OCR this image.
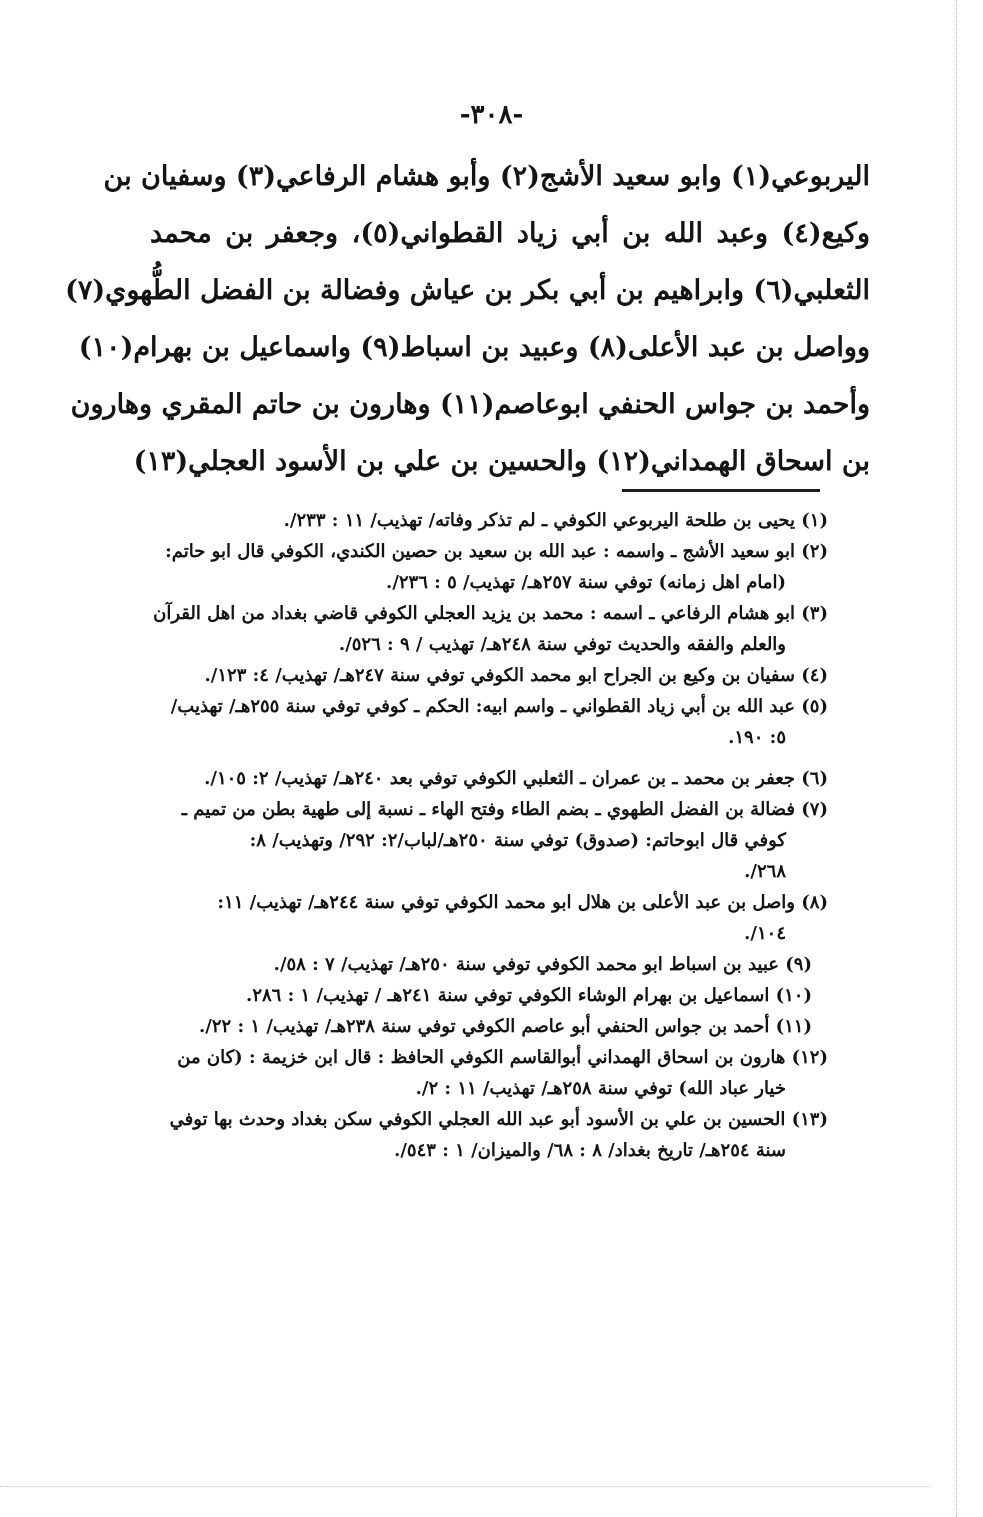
-٣٠٨-
اليربوعي(١) وابو سعيد الأشج(٢) وأبو هشام الرفاعي(٣) وسفيان بن
وكيع(٤) وعبد الله بن أبي زياد القطواني(٥)، وجعفر بن محمد
الثعلبي(٦) وابراهيم بن أبي بكر بن عياش وفضالة بن الفضل الطُّهوي(٧)
وواصل بن عبد الأعلى(٨) وعبيد بن اسباط(٩) واسماعيل بن بهرام(١٠)
وأحمد بن جواس الحنفي ابوعاصم(١١) وهارون بن حاتم المقري وهارون
بن اسحاق الهمداني(١٢) والحسين بن علي بن الأسود العجلي(١٣)
(١) يحيى بن طلحة اليربوعي الكوفي ـ لم تذكر وفاته/ تهذيب/ ١١ : ٢٣٣/.
(٢) ابو سعيد الأشج ـ واسمه : عبد الله بن سعيد بن حصين الكندي، الكوفي قال ابو حاتم:
(امام اهل زمانه) توفي سنة ٢٥٧هـ/ تهذيب/ ٥ : ٢٣٦/.
(٣) ابو هشام الرفاعي ـ اسمه : محمد بن يزيد العجلي الكوفي قاضي بغداد من اهل القرآن
والعلم والفقه والحديث توفي سنة ٢٤٨هـ/ تهذيب / ٩ : ٥٢٦/.
(٤) سفيان بن وكيع بن الجراح ابو محمد الكوفي توفي سنة ٢٤٧هـ/ تهذيب/ ٤: ١٢٣/.
(٥) عبد الله بن أبي زياد القطواني ـ واسم ابيه: الحكم ـ كوفي توفي سنة ٢٥٥هـ/ تهذيب/
٥: ١٩٠.
(٦) جعفر بن محمد ـ بن عمران ـ الثعلبي الكوفي توفي بعد ٢٤٠هـ/ تهذيب/ ٢: ١٠٥/.
(٧) فضالة بن الفضل الطهوي ـ بضم الطاء وفتح الهاء ـ نسبة إلى طهية بطن من تميم ـ
كوفي قال ابوحاتم: (صدوق) توفي سنة ٢٥٠هـ/لباب/٢: ٢٩٢/ وتهذيب/ ٨:
٢٦٨/.
(٨) واصل بن عبد الأعلى بن هلال ابو محمد الكوفي توفي سنة ٢٤٤هـ/ تهذيب/ ١١:
١٠٤/.
(٩) عبيد بن اسباط ابو محمد الكوفي توفي سنة ٢٥٠هـ/ تهذيب/ ٧ : ٥٨/.
(١٠) اسماعيل بن بهرام الوشاء الكوفي توفي سنة ٢٤١هـ / تهذيب/ ١ : ٢٨٦.
(١١) أحمد بن جواس الحنفي أبو عاصم الكوفي توفي سنة ٢٣٨هـ/ تهذيب/ ١ : ٢٢/.
(١٢) هارون بن اسحاق الهمداني أبوالقاسم الكوفي الحافظ : قال ابن خزيمة : (كان من
خيار عباد الله) توفي سنة ٢٥٨هـ/ تهذيب/ ١١ : ٢/.
(١٣) الحسين بن علي بن الأسود أبو عبد الله العجلي الكوفي سكن بغداد وحدث بها توفي
سنة ٢٥٤هـ/ تاريخ بغداد/ ٨ : ٦٨/ والميزان/ ١ : ٥٤٣/.
